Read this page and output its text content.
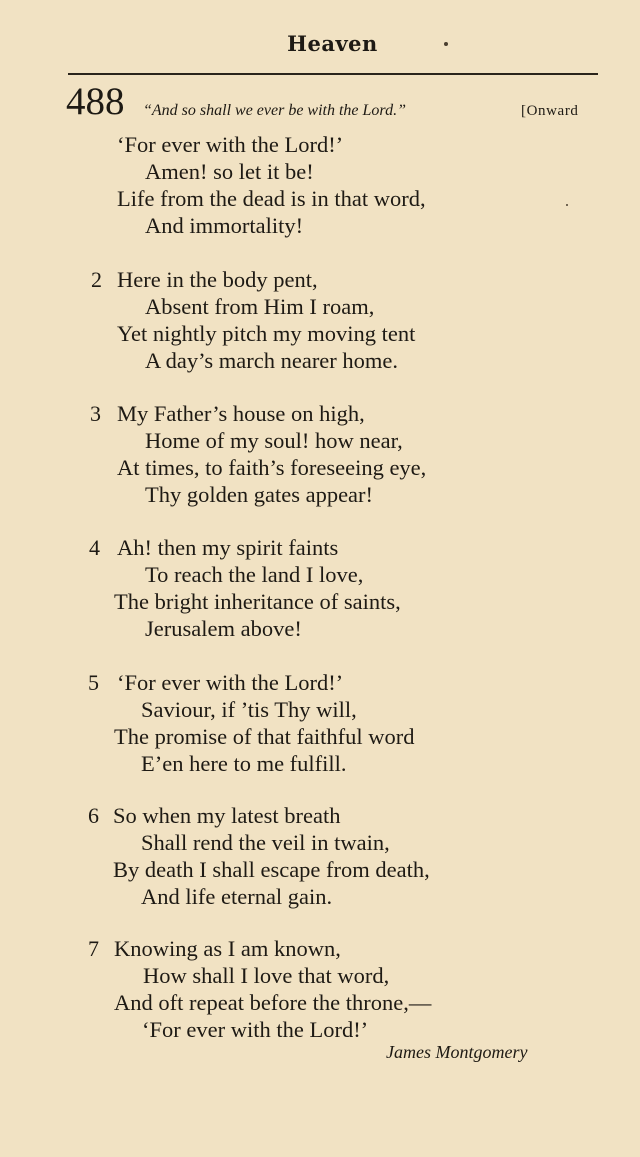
Heaven
488 “And so shall we ever be with the Lord.”	[Onward
‘For ever with the Lord!’
Amen! so let it be!
Life from the dead is in that word,
And immortality!
2 Here in the body pent,
Absent from Him I roam,
Yet nightly pitch my moving tent
A day’s march nearer home.
3 My Father’s house on high,
Home of my soul! how near,
At times, to faith’s foreseeing eye,
Thy golden gates appear!
4 Ah! then my spirit faints
To reach the land I love,
The bright inheritance of saints,
Jerusalem above!
5 ‘For ever with the Lord!’
Saviour, if ’tis Thy will,
The promise of that faithful word
E’en here to me fulfill.
6 So when my latest breath
Shall rend the veil in twain,
By death I shall escape from death,
And life eternal gain.
7 Knowing as I am known,
How shall I love that word,
And oft repeat before the throne,—
‘For ever with the Lord!’
James Montgomery
